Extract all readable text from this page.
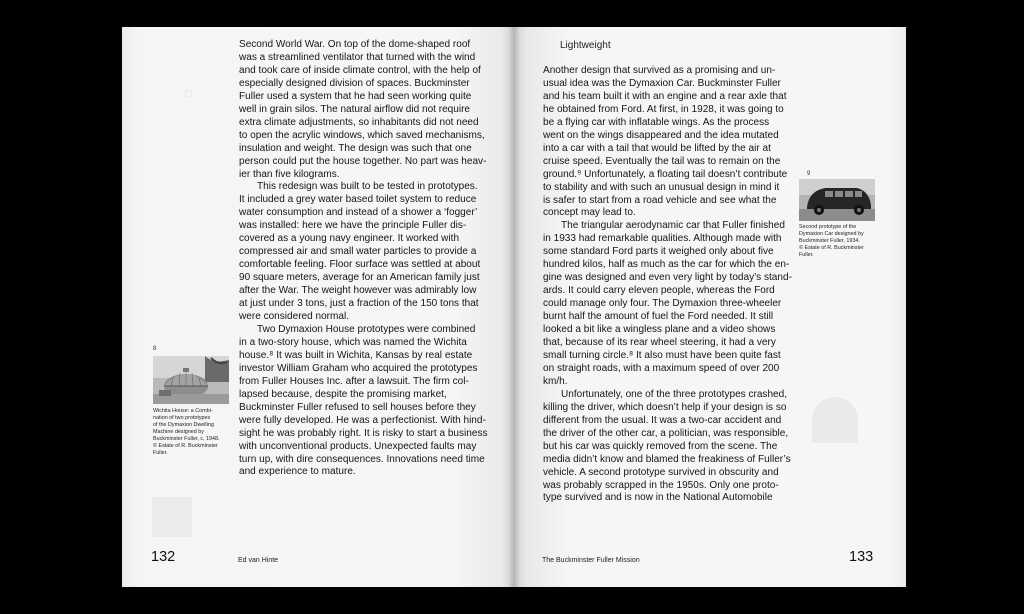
▢

Second World War. On top of the dome-shaped roof

was a streamlined ventilator that turned with the wind

and took care of inside climate control, with the help of

especially designed division of spaces. Buckminster

Fuller used a system that he had seen working quite

well in grain silos. The natural airflow did not require

extra climate adjustments, so inhabitants did not need

to open the acrylic windows, which saved mechanisms,

insulation and weight. The design was such that one

person could put the house together. No part was heav-

ier than five kilograms.

This redesign was built to be tested in prototypes.

It included a grey water based toilet system to reduce

water consumption and instead of a shower a ‘fogger’

was installed: here we have the principle Fuller dis-

covered as a young navy engineer. It worked with

compressed air and small water particles to provide a

comfortable feeling. Floor surface was settled at about

90 square meters, average for an American family just

after the War. The weight however was admirably low

at just under 3 tons, just a fraction of the 150 tons that

were considered normal.

Two Dymaxion House prototypes were combined

in a two-story house, which was named the Wichita

house.⁸ It was built in Wichita, Kansas by real estate

investor William Graham who acquired the prototypes

from Fuller Houses Inc. after a lawsuit. The firm col-

lapsed because, despite the promising market,

Buckminster Fuller refused to sell houses before they

were fully developed. He was a perfectionist. With hind-

sight he was probably right. It is risky to start a business

with unconventional products. Unexpected faults may

turn up, with dire consequences. Innovations need time

and experience to mature.

8

Wichita House: a Combi-

nation of two prototypes

of the Dymaxion Dwelling

Machine designed by

Buckminster Fuller, c. 1948.

© Estate of R. Buckminster

Fuller.

132	Ed van Hinte
Lightweight

Another design that survived as a promising and un-

usual idea was the Dymaxion Car. Buckminster Fuller

and his team built it with an engine and a rear axle that

he obtained from Ford. At first, in 1928, it was going to

be a flying car with inflatable wings. As the process

went on the wings disappeared and the idea mutated

into a car with a tail that would be lifted by the air at

cruise speed. Eventually the tail was to remain on the

ground.⁹ Unfortunately, a floating tail doesn’t contribute

to stability and with such an unusual design in mind it

is safer to start from a road vehicle and see what the

concept may lead to.

The triangular aerodynamic car that Fuller finished

in 1933 had remarkable qualities. Although made with

some standard Ford parts it weighed only about five

hundred kilos, half as much as the car for which the en-

gine was designed and even very light by today’s stand-

ards. It could carry eleven people, whereas the Ford

could manage only four. The Dymaxion three-wheeler

burnt half the amount of fuel the Ford needed. It still

looked a bit like a wingless plane and a video shows

that, because of its rear wheel steering, it had a very

small turning circle.⁸ It also must have been quite fast

on straight roads, with a maximum speed of over 200

km/h.

Unfortunately, one of the three prototypes crashed,

killing the driver, which doesn’t help if your design is so

different from the usual. It was a two-car accident and

the driver of the other car, a politician, was responsible,

but his car was quickly removed from the scene. The

media didn’t know and blamed the freakiness of Fuller’s

vehicle. A second prototype survived in obscurity and

was probably scrapped in the 1950s. Only one proto-

type survived and is now in the National Automobile

9

Second prototype of the

Dymaxion Car designed by

Buckminster Fuller, 1934.

© Estate of R. Buckminster

Fuller.

The Buckminster Fuller Mission	133
